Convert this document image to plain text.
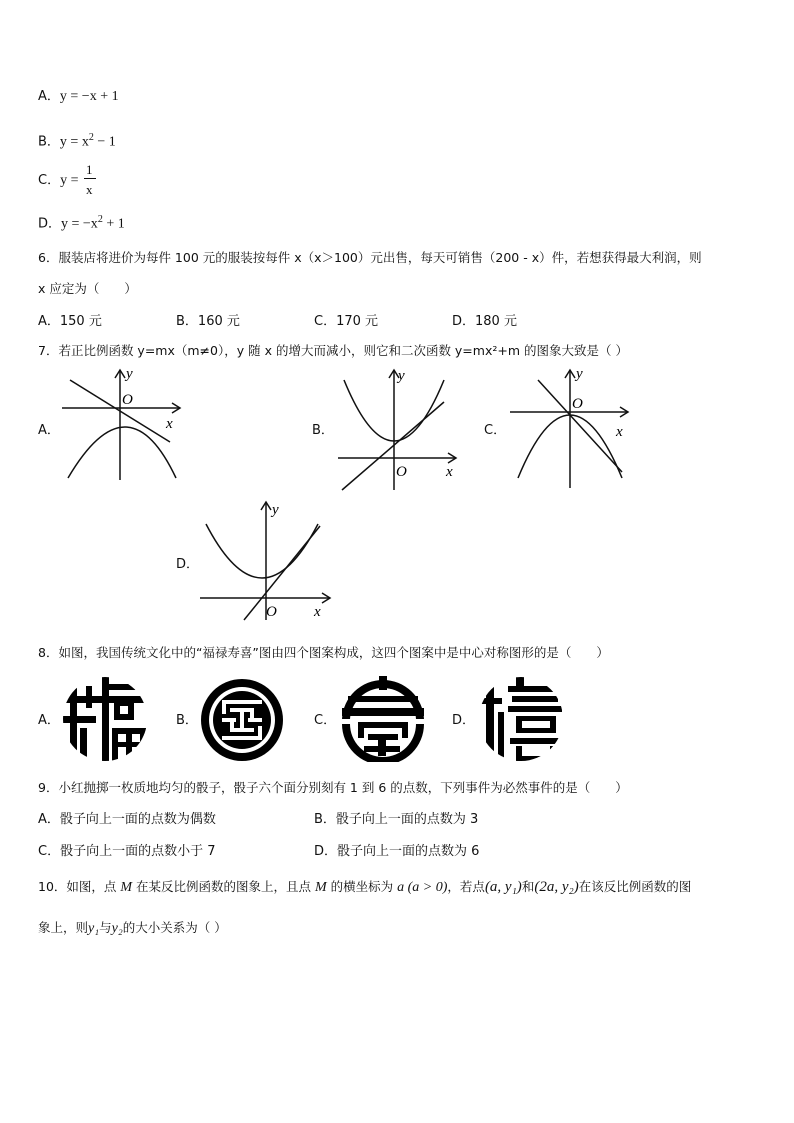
A．y = −x + 1
B．$y = x^2 - 1$
C．y =
1
x
D．$y = -x^2 + 1$
6．服装店将进价为每件 100 元的服装按每件 x（x＞100）元出售，每天可销售（200 - x）件，若想获得最大利润，则
x 应定为（　　）
A．150 元	B．160 元	C．170 元	D．180 元
7．若正比例函数 y=mx（m≠0），y 随 x 的增大而减小，则它和二次函数 y=mx²+m 的图象大致是（ ）
A．
y
O
x	B．
y
O	x
C．
y
O
x
D．
y
O x
8．如图，我国传统文化中的“福禄寿喜”图由四个图案构成，这四个图案中是中心对称图形的是（　　）
A．	B．	C．	D．
9．小红抛掷一枚质地均匀的骰子，骰子六个面分别刻有 1 到 6 的点数，下列事件为必然事件的是（　　）
A．骰子向上一面的点数为偶数	B．骰子向上一面的点数为 3
C．骰子向上一面的点数小于 7	D．骰子向上一面的点数为 6
10．如图，点 M 在某反比例函数的图象上，且点 M 的横坐标为 a (a > 0)，若点(a, y₁)和(2a, y₂)在该反比例函数的图
象上，则y₁与y₂的大小关系为（ ）
